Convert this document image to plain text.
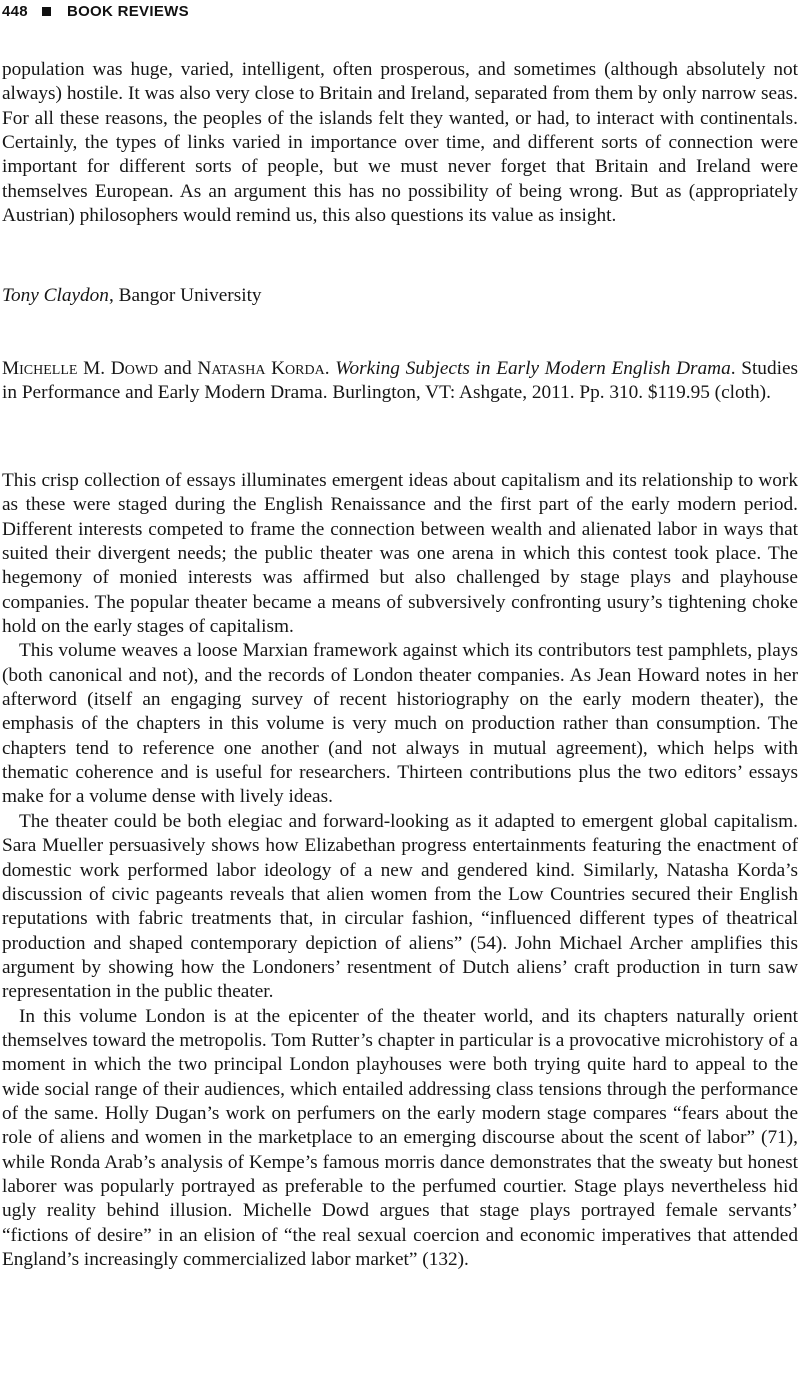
448	BOOK REVIEWS

population was huge, varied, intelligent, often prosperous, and sometimes (although absolutely not always) hostile. It was also very close to Britain and Ireland, separated from them by only narrow seas. For all these reasons, the peoples of the islands felt they wanted, or had, to interact with continentals. Certainly, the types of links varied in importance over time, and different sorts of connection were important for different sorts of people, but we must never forget that Britain and Ireland were themselves European. As an argument this has no possibility of being wrong. But as (appropriately Austrian) philosophers would remind us, this also questions its value as insight.

Tony Claydon, Bangor University

Michelle M. Dowd and Natasha Korda. Working Subjects in Early Modern English Drama. Studies in Performance and Early Modern Drama. Burlington, VT: Ashgate, 2011. Pp. 310. $119.95 (cloth).

This crisp collection of essays illuminates emergent ideas about capitalism and its relationship to work as these were staged during the English Renaissance and the first part of the early modern period. Different interests competed to frame the connection between wealth and alienated labor in ways that suited their divergent needs; the public theater was one arena in which this contest took place. The hegemony of monied interests was affirmed but also challenged by stage plays and playhouse companies. The popular theater became a means of subversively confronting usury’s tightening choke hold on the early stages of capitalism.

This volume weaves a loose Marxian framework against which its contributors test pamphlets, plays (both canonical and not), and the records of London theater companies. As Jean Howard notes in her afterword (itself an engaging survey of recent historiography on the early modern theater), the emphasis of the chapters in this volume is very much on production rather than consumption. The chapters tend to reference one another (and not always in mutual agreement), which helps with thematic coherence and is useful for researchers. Thirteen contributions plus the two editors’ essays make for a volume dense with lively ideas.

The theater could be both elegiac and forward-looking as it adapted to emergent global capitalism. Sara Mueller persuasively shows how Elizabethan progress entertainments featuring the enactment of domestic work performed labor ideology of a new and gendered kind. Similarly, Natasha Korda’s discussion of civic pageants reveals that alien women from the Low Countries secured their English reputations with fabric treatments that, in circular fashion, “influenced different types of theatrical production and shaped contemporary depiction of aliens” (54). John Michael Archer amplifies this argument by showing how the Londoners’ resentment of Dutch aliens’ craft production in turn saw representation in the public theater.

In this volume London is at the epicenter of the theater world, and its chapters naturally orient themselves toward the metropolis. Tom Rutter’s chapter in particular is a provocative microhistory of a moment in which the two principal London playhouses were both trying quite hard to appeal to the wide social range of their audiences, which entailed addressing class tensions through the performance of the same. Holly Dugan’s work on perfumers on the early modern stage compares “fears about the role of aliens and women in the marketplace to an emerging discourse about the scent of labor” (71), while Ronda Arab’s analysis of Kempe’s famous morris dance demonstrates that the sweaty but honest laborer was popularly portrayed as preferable to the perfumed courtier. Stage plays nevertheless hid ugly reality behind illusion. Michelle Dowd argues that stage plays portrayed female servants’ “fictions of desire” in an elision of “the real sexual coercion and economic imperatives that attended England’s increasingly commercialized labor market” (132).
